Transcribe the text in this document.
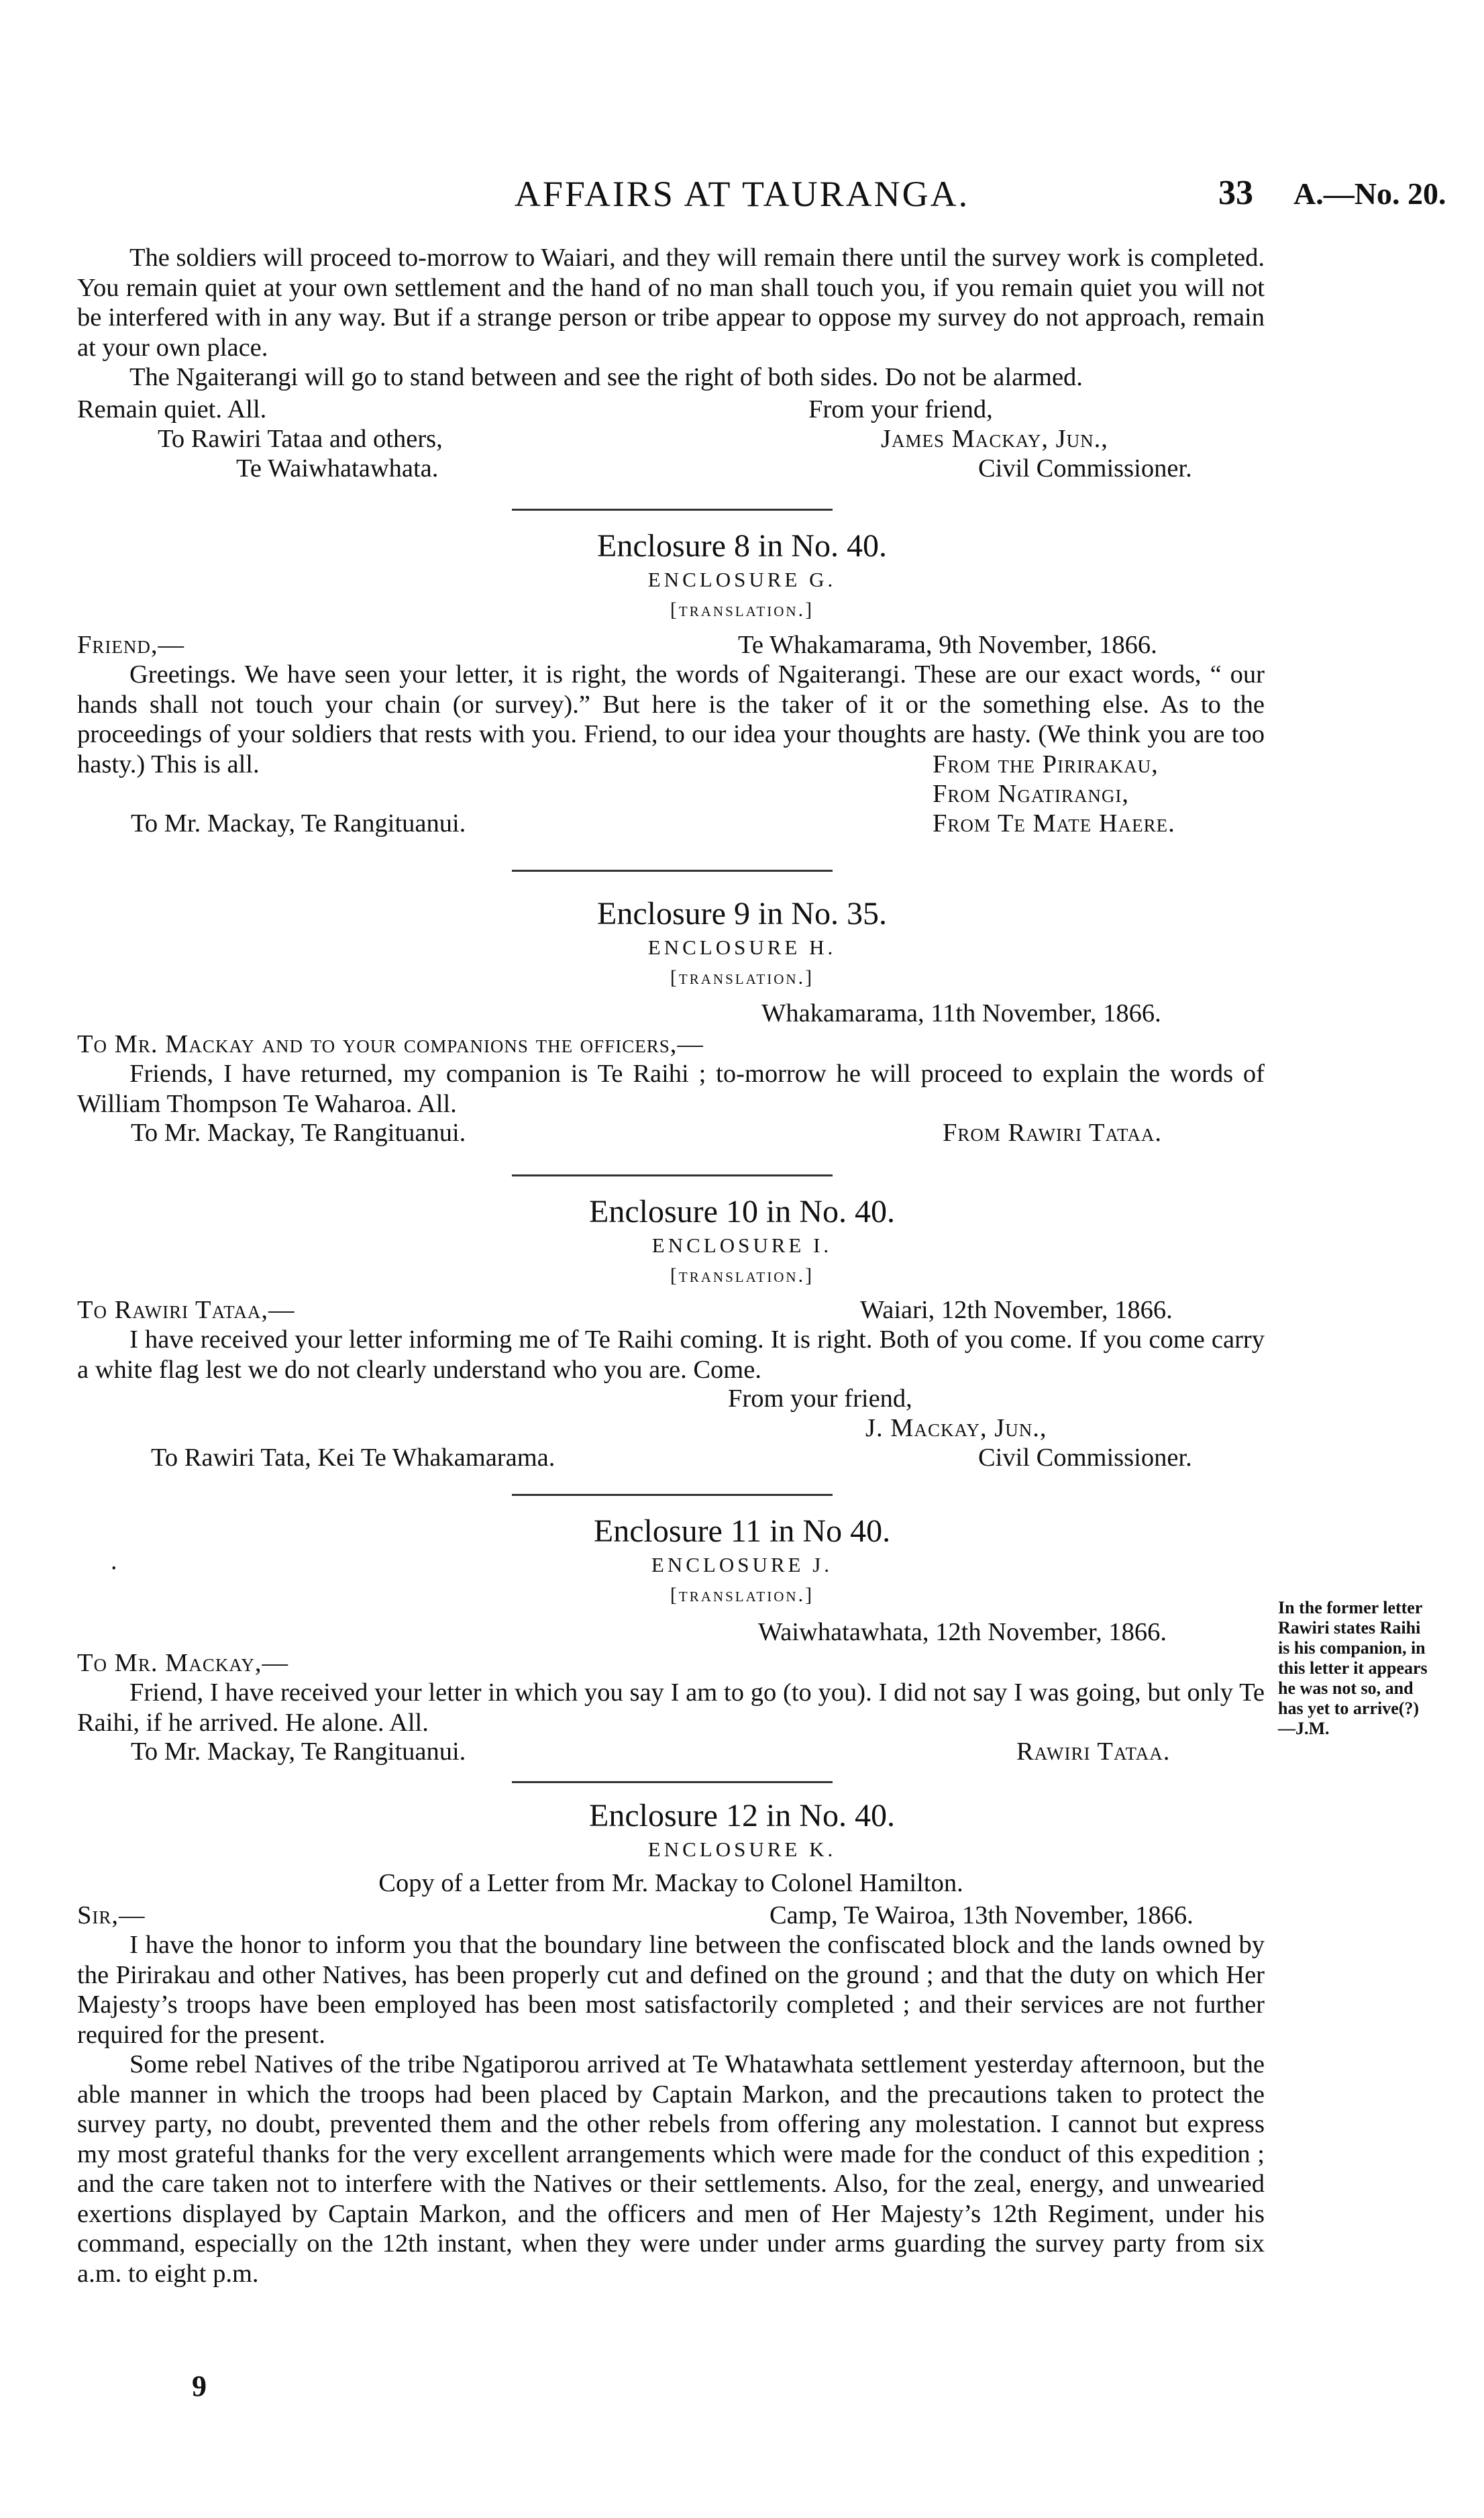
AFFAIRS AT TAURANGA.	33 A.—No. 20.

The soldiers will proceed to-morrow to Waiari, and they will remain there until the survey work is completed. You remain quiet at your own settlement and the hand of no man shall touch you, if you remain quiet you will not be interfered with in any way. But if a strange person or tribe appear to oppose my survey do not approach, remain at your own place.

The Ngaiterangi will go to stand between and see the right of both sides. Do not be alarmed.

Remain quiet. All.	From your friend,
To Rawiri Tataa and others,	James Mackay, Jun.,
Te Waiwhatawhata.	Civil Commissioner.
Enclosure 8 in No. 40.
ENCLOSURE G.
[translation.]
Friend,—	Te Whakamarama, 9th November, 1866.

Greetings. We have seen your letter, it is right, the words of Ngaiterangi. These are our exact words, “ our hands shall not touch your chain (or survey).” But here is the taker of it or the something else. As to the proceedings of your soldiers that rests with you. Friend, to our idea your thoughts are hasty. (We think you are too hasty.) This is all.	From the Pirirakau,
From Ngatirangi,
To Mr. Mackay, Te Rangituanui.	From Te Mate Haere.
Enclosure 9 in No. 35.
ENCLOSURE H.
[translation.]
Whakamarama, 11th November, 1866.
To Mr. Mackay and to your companions the officers,—

Friends, I have returned, my companion is Te Raihi ; to-morrow he will proceed to explain the words of William Thompson Te Waharoa. All.

To Mr. Mackay, Te Rangituanui.	From Rawiri Tataa.
Enclosure 10 in No. 40.
ENCLOSURE I.
[translation.]
To Rawiri Tataa,—	Waiari, 12th November, 1866.

I have received your letter informing me of Te Raihi coming. It is right. Both of you come. If you come carry a white flag lest we do not clearly understand who you are. Come.

From your friend,
J. Mackay, Jun.,
To Rawiri Tata, Kei Te Whakamarama.	Civil Commissioner.
Enclosure 11 in No 40.
.	ENCLOSURE J.
[translation.]
Waiwhatawhata, 12th November, 1866.
To Mr. Mackay,—

Friend, I have received your letter in which you say I am to go (to you). I did not say I was going, but only Te Raihi, if he arrived. He alone. All.

To Mr. Mackay, Te Rangituanui.	Rawiri Tataa.

In the former letter Rawiri states Raihi is his companion, in this letter it appears he was not so, and has yet to arrive(?)

—J.M.

Enclosure 12 in No. 40.
ENCLOSURE K.
Copy of a Letter from Mr. Mackay to Colonel Hamilton.
Sir,—	Camp, Te Wairoa, 13th November, 1866.

I have the honor to inform you that the boundary line between the confiscated block and the lands owned by the Pirirakau and other Natives, has been properly cut and defined on the ground ; and that the duty on which Her Majesty’s troops have been employed has been most satisfactorily completed ; and their services are not further required for the present.

Some rebel Natives of the tribe Ngatiporou arrived at Te Whatawhata settlement yesterday afternoon, but the able manner in which the troops had been placed by Captain Markon, and the precautions taken to protect the survey party, no doubt, prevented them and the other rebels from offering any molestation. I cannot but express my most grateful thanks for the very excellent arrangements which were made for the conduct of this expedition ; and the care taken not to interfere with the Natives or their settlements. Also, for the zeal, energy, and unwearied exertions displayed by Captain Markon, and the officers and men of Her Majesty’s 12th Regiment, under his command, especially on the 12th instant, when they were under under arms guarding the survey party from six a.m. to eight p.m.

9
